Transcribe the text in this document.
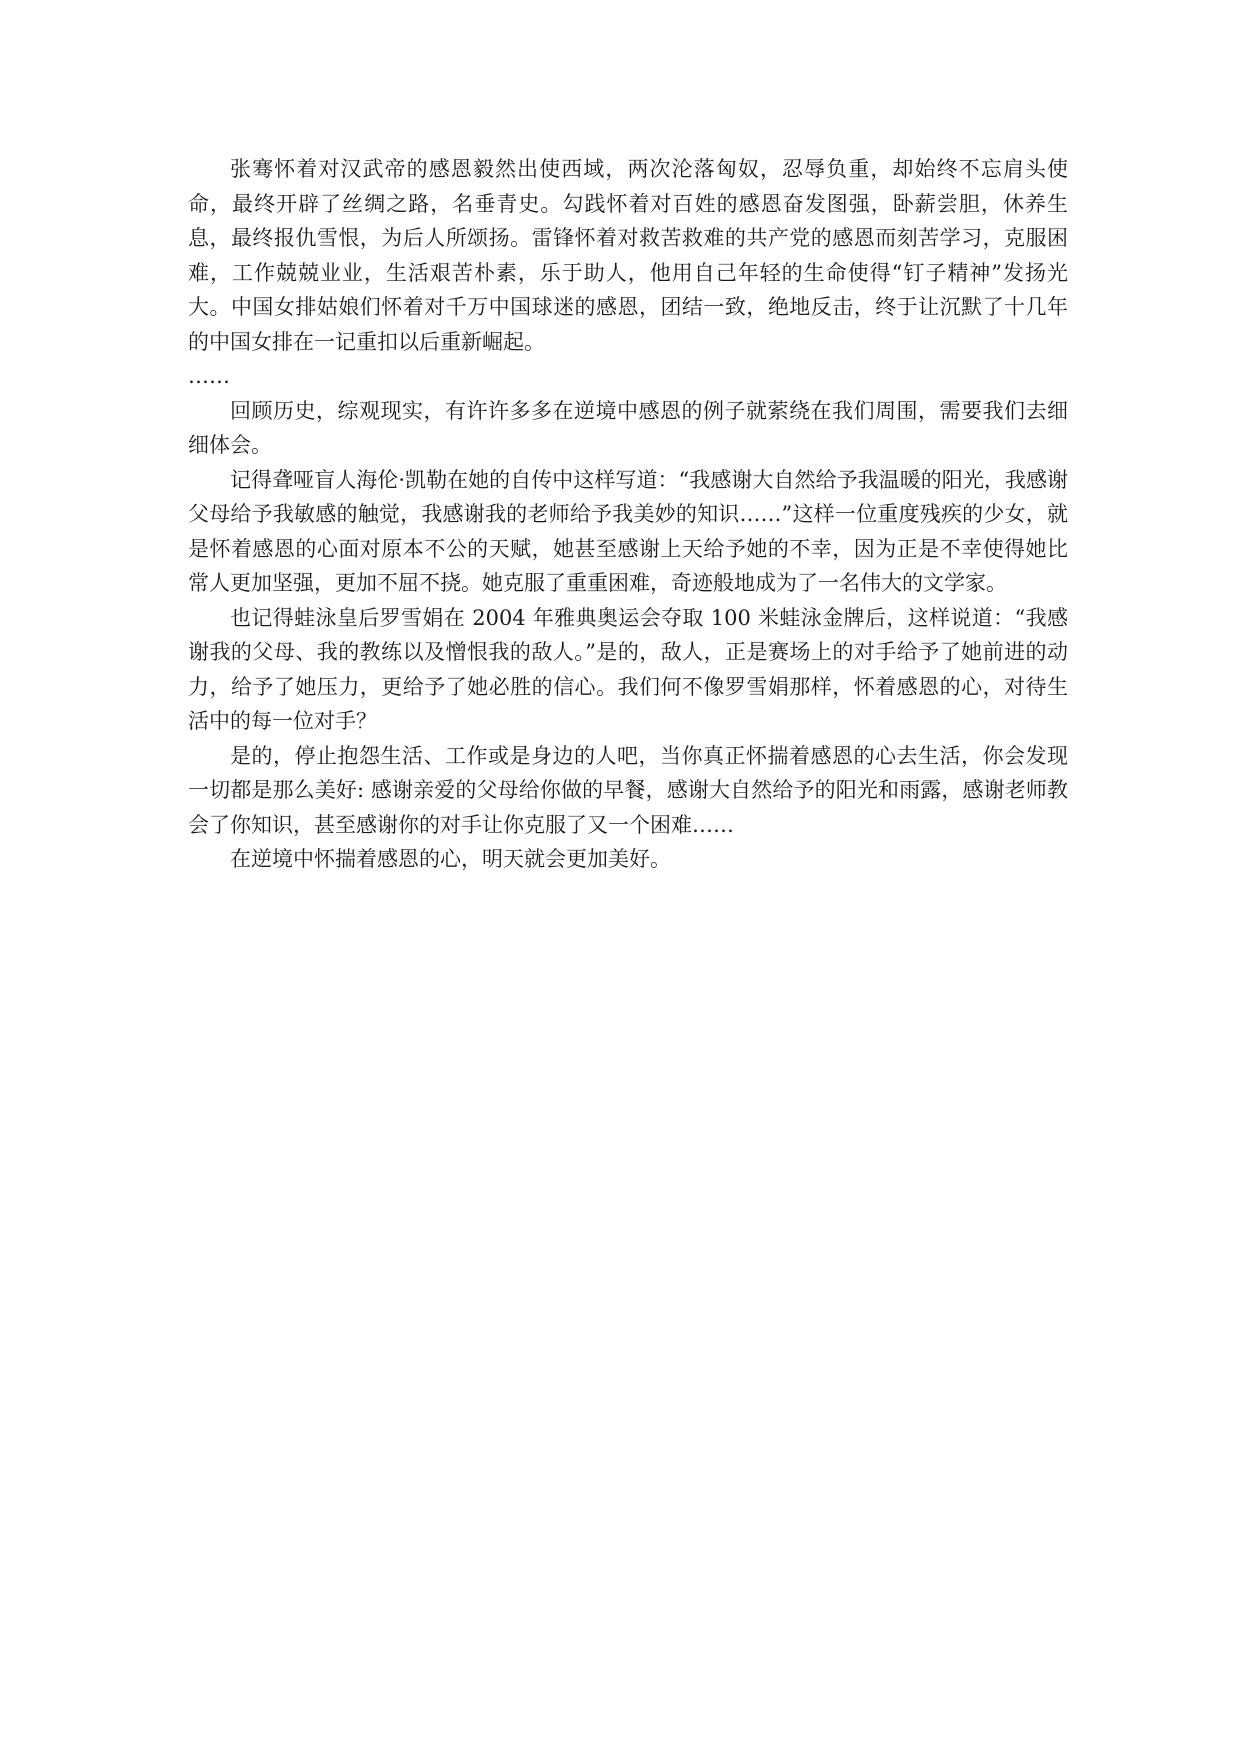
张骞怀着对汉武帝的感恩毅然出使西域，两次沦落匈奴，忍辱负重，却始终不忘肩头使命，最终开辟了丝绸之路，名垂青史。勾践怀着对百姓的感恩奋发图强，卧薪尝胆，休养生息，最终报仇雪恨，为后人所颂扬。雷锋怀着对救苦救难的共产党的感恩而刻苦学习，克服困难，工作兢兢业业，生活艰苦朴素，乐于助人，他用自己年轻的生命使得“钉子精神”发扬光大。中国女排姑娘们怀着对千万中国球迷的感恩，团结一致，绝地反击，终于让沉默了十几年的中国女排在一记重扣以后重新崛起。

……

回顾历史，综观现实，有许许多多在逆境中感恩的例子就萦绕在我们周围，需要我们去细细体会。

记得聋哑盲人海伦·凯勒在她的自传中这样写道：“我感谢大自然给予我温暖的阳光，我感谢父母给予我敏感的触觉，我感谢我的老师给予我美妙的知识……”这样一位重度残疾的少女，就是怀着感恩的心面对原本不公的天赋，她甚至感谢上天给予她的不幸，因为正是不幸使得她比常人更加坚强，更加不屈不挠。她克服了重重困难，奇迹般地成为了一名伟大的文学家。

也记得蛙泳皇后罗雪娟在 2004 年雅典奥运会夺取 100 米蛙泳金牌后，这样说道：“我感谢我的父母、我的教练以及憎恨我的敌人。”是的，敌人，正是赛场上的对手给予了她前进的动力，给予了她压力，更给予了她必胜的信心。我们何不像罗雪娟那样，怀着感恩的心，对待生活中的每一位对手？

是的，停止抱怨生活、工作或是身边的人吧，当你真正怀揣着感恩的心去生活，你会发现一切都是那么美好: 感谢亲爱的父母给你做的早餐，感谢大自然给予的阳光和雨露，感谢老师教会了你知识，甚至感谢你的对手让你克服了又一个困难……

在逆境中怀揣着感恩的心，明天就会更加美好。
